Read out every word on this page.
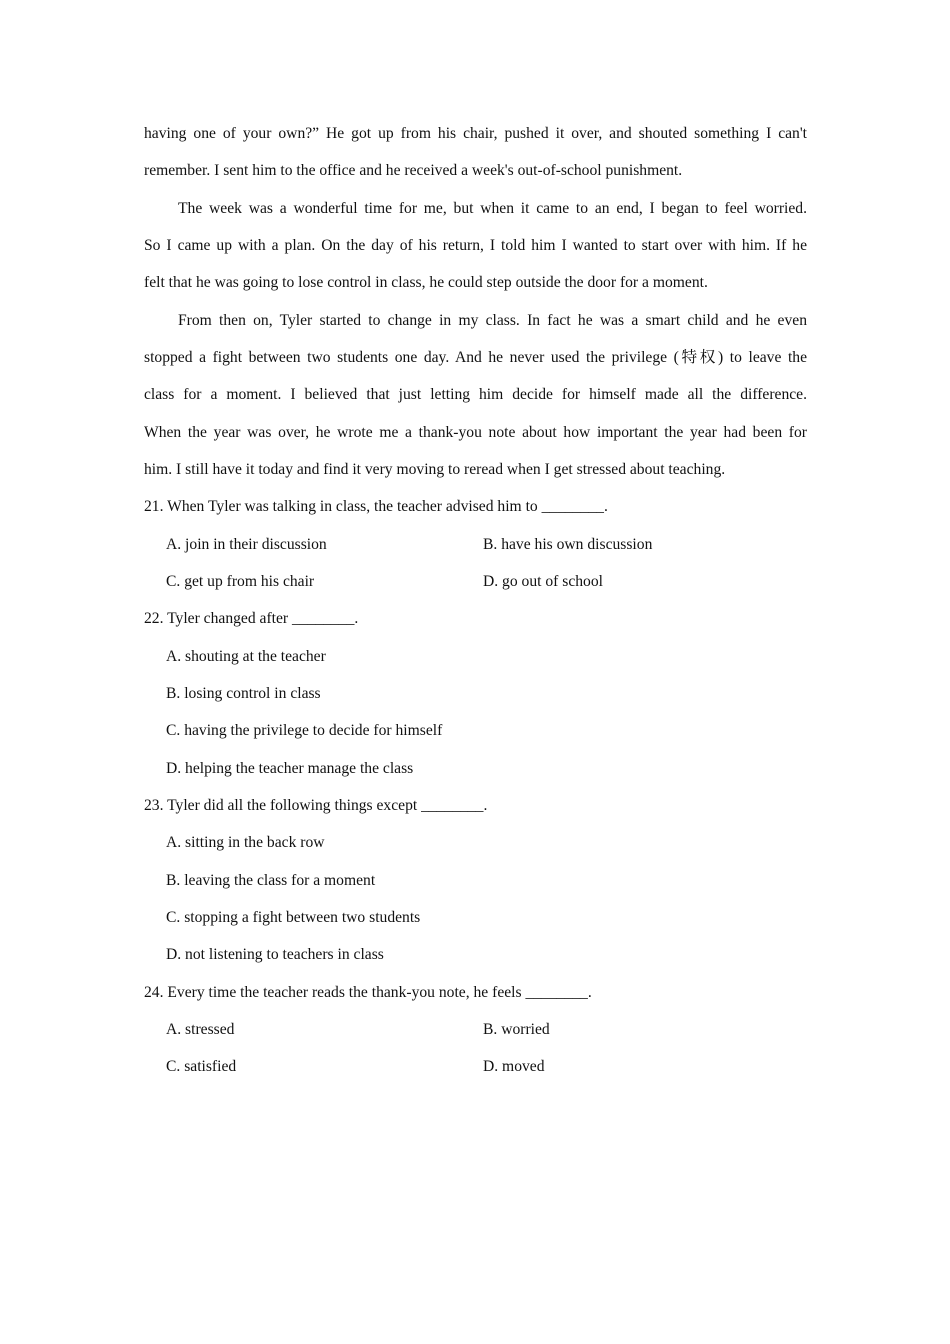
having one of your own?” He got up from his chair, pushed it over, and shouted something I can't
remember. I sent him to the office and he received a week's out-of-school punishment.
The week was a wonderful time for me, but when it came to an end, I began to feel worried.
So I came up with a plan. On the day of his return, I told him I wanted to start over with him. If he
felt that he was going to lose control in class, he could step outside the door for a moment.
From then on, Tyler started to change in my class. In fact he was a smart child and he even
stopped a fight between two students one day. And he never used the privilege (特权) to leave the
class for a moment. I believed that just letting him decide for himself made all the difference.
When the year was over, he wrote me a thank-you note about how important the year had been for
him. I still have it today and find it very moving to reread when I get stressed about teaching.
21. When Tyler was talking in class, the teacher advised him to ________.
A. join in their discussion	B. have his own discussion
C. get up from his chair	D. go out of school
22. Tyler changed after ________.
A. shouting at the teacher
B. losing control in class
C. having the privilege to decide for himself
D. helping the teacher manage the class
23. Tyler did all the following things except ________.
A. sitting in the back row
B. leaving the class for a moment
C. stopping a fight between two students
D. not listening to teachers in class
24. Every time the teacher reads the thank-you note, he feels ________.
A. stressed	B. worried
C. satisfied	D. moved
